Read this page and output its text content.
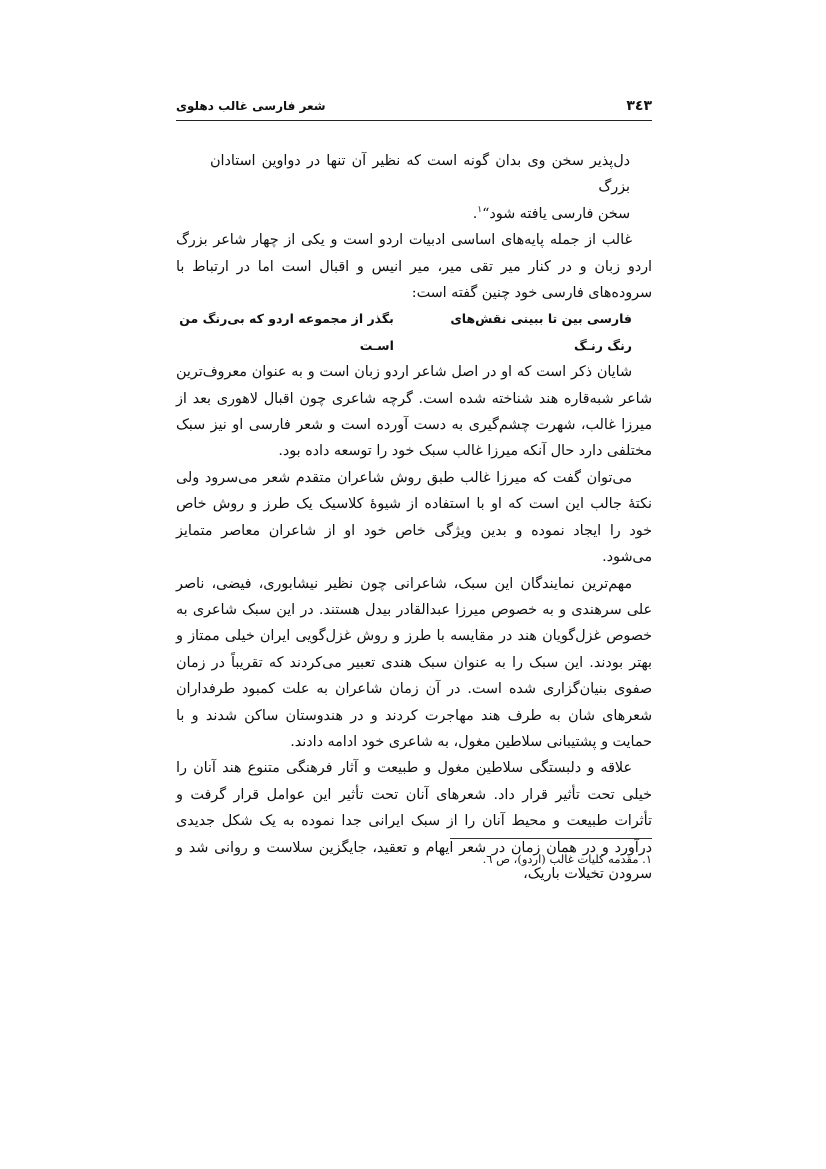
٣٤٣
شعر فارسی غالب دهلوی

دل‌پذیر سخن وی بدان گونه است که نظیر آن تنها در دواوین استادان بزرگ

سخن فارسی یافته شود“$^١$.

غالب از جمله پایه‌های اساسی ادبیات اردو است و یکی از چهار شاعر بزرگ اردو زبان و در کنار میر تقی میر، میر انیس و اقبال است اما در ارتباط با سروده‌های فارسی خود چنین گفته است:

فارسی بین تا ببینی نقش‌های رنگ رنـگ
بگذر از مجموعه اردو که بی‌رنگ من اسـت

شایان ذکر است که او در اصل شاعر اردو زبان است و به عنوان معروف‌ترین شاعر شبه‌قاره هند شناخته شده است. گرچه شاعری چون اقبال لاهوری بعد از میرزا غالب، شهرت چشم‌گیری به دست آورده است و شعر فارسی او نیز سبک مختلفی دارد حال آنکه میرزا غالب سبک خود را توسعه داده بود.

می‌توان گفت که میرزا غالب طبق روش شاعران متقدم شعر می‌سرود ولی نکتهٔ جالب این است که او با استفاده از شیوهٔ کلاسیک یک طرز و روش خاص خود را ایجاد نموده و بدین ویژگی خاص خود او از شاعران معاصر متمایز می‌شود.

مهم‌ترین نمایندگان این سبک، شاعرانی چون نظیر نیشابوری، فیضی، ناصر علی سرهندی و به خصوص میرزا عبدالقادر بیدل هستند. در این سبک شاعری به خصوص غزل‌گویان هند در مقایسه با طرز و روش غزل‌گویی ایران خیلی ممتاز و بهتر بودند. این سبک را به عنوان سبک هندی تعبیر می‌کردند که تقریباً در زمان صفوی بنیان‌گزاری شده است. در آن زمان شاعران به علت کمبود طرفداران شعرهای شان به طرف هند مهاجرت کردند و در هندوستان ساکن شدند و با حمایت و پشتیبانی سلاطین مغول، به شاعری خود ادامه دادند.

علاقه و دلبستگی سلاطین مغول و طبیعت و آثار فرهنگی متنوع هند آنان را خیلی تحت تأثیر قرار داد. شعرهای آنان تحت تأثیر این عوامل قرار گرفت و تأثرات طبیعت و محیط آنان را از سبک ایرانی جدا نموده به یک شکل جدیدی درآورد و در همان زمان در شعر ایهام و تعقید، جایگزین سلاست و روانی شد و سرودن تخیلات باریک،

١. مقدمه کلیات غالب (اردو)، ص ٦.
